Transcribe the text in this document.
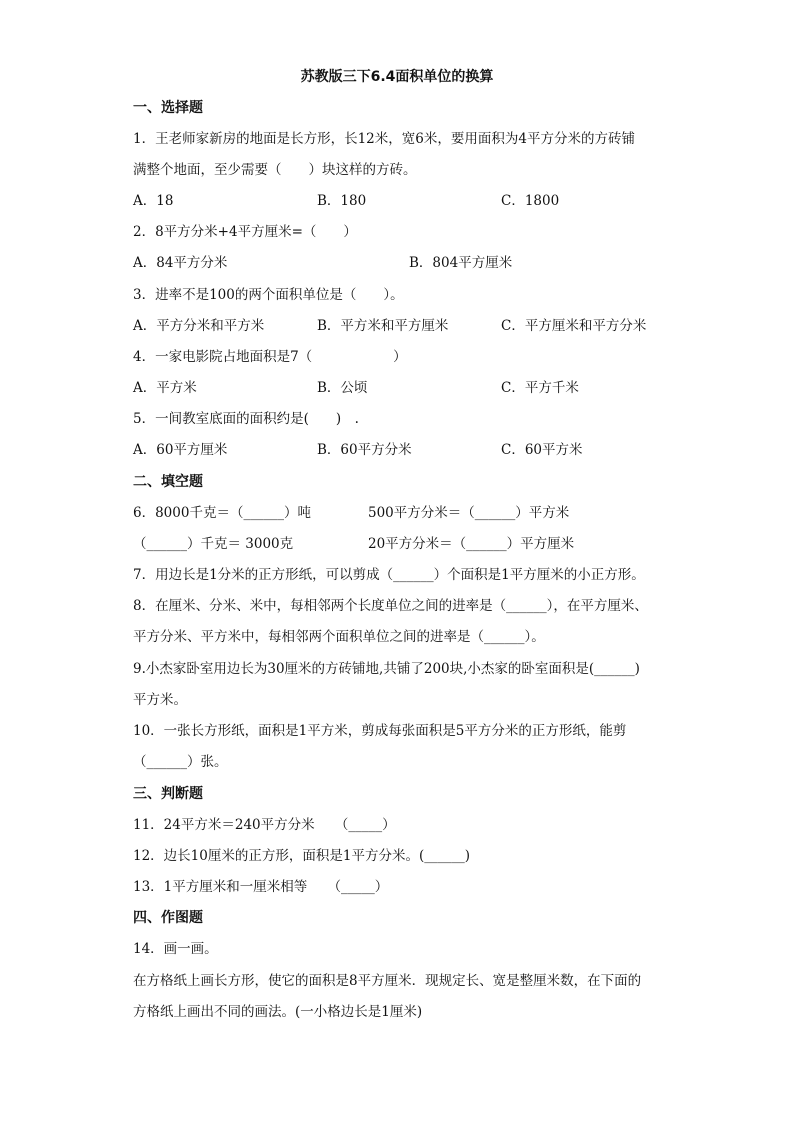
苏教版三下6.4面积单位的换算
一、选择题
1．王老师家新房的地面是长方形，长12米，宽6米，要用面积为4平方分米的方砖铺
满整个地面，至少需要（　　）块这样的方砖。
A．18	B．180	C．1800
2．8平方分米+4平方厘米=（　　）
A．84平方分米	B．804平方厘米
3．进率不是100的两个面积单位是（　　）。
A．平方分米和平方米	B．平方米和平方厘米	C．平方厘米和平方分米
4．一家电影院占地面积是7（　　　　　　）
A．平方米	B．公顷	C．平方千米
5．一间教室底面的面积约是(　　)　.
A．60平方厘米	B．60平方分米	C．60平方米
二、填空题
6．8000千克＝（______）吨	500平方分米＝（______）平方米
（______）千克＝ 3000克	20平方分米＝（______）平方厘米
7．用边长是1分米的正方形纸，可以剪成（______）个面积是1平方厘米的小正方形。
8．在厘米、分米、米中，每相邻两个长度单位之间的进率是（______），在平方厘米、
平方分米、平方米中，每相邻两个面积单位之间的进率是（______）。
9.小杰家卧室用边长为30厘米的方砖铺地,共铺了200块,小杰家的卧室面积是(______)
平方米。
10．一张长方形纸，面积是1平方米，剪成每张面积是5平方分米的正方形纸，能剪
（______）张。
三、判断题
11．24平方米＝240平方分米　　（_____）
12．边长10厘米的正方形，面积是1平方分米。(______)
13．1平方厘米和一厘米相等　　（_____）
四、作图题
14．画一画。
在方格纸上画长方形，使它的面积是8平方厘米．现规定长、宽是整厘米数，在下面的
方格纸上画出不同的画法。(一小格边长是1厘米)
